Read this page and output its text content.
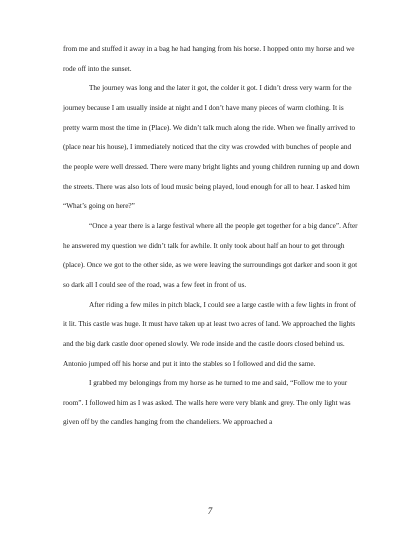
from me and stuffed it away in a bag he had hanging from his horse. I hopped onto my horse and we rode off into the sunset.

The journey was long and the later it got, the colder it got. I didn’t dress very warm for the journey because I am usually inside at night and I don’t have many pieces of warm clothing. It is pretty warm most the time in (Place). We didn’t talk much along the ride. When we finally arrived to (place near his house), I immediately noticed that the city was crowded with bunches of people and the people were well dressed. There were many bright lights and young children running up and down the streets. There was also lots of loud music being played, loud enough for all to hear. I asked him “What’s going on here?”

“Once a year there is a large festival where all the people get together for a big dance”. After he answered my question we didn’t talk for awhile. It only took about half an hour to get through (place). Once we got to the other side, as we were leaving the surroundings got darker and soon it got so dark all I could see of the road, was a few feet in front of us.

After riding a few miles in pitch black, I could see a large castle with a few lights in front of it lit. This castle was huge. It must have taken up at least two acres of land. We approached the lights and the big dark castle door opened slowly. We rode inside and the castle doors closed behind us. Antonio jumped off his horse and put it into the stables so I followed and did the same.

I grabbed my belongings from my horse as he turned to me and said, “Follow me to your room”. I followed him as I was asked. The walls here were very blank and grey. The only light was given off by the candles hanging from the chandeliers. We approached a

7
